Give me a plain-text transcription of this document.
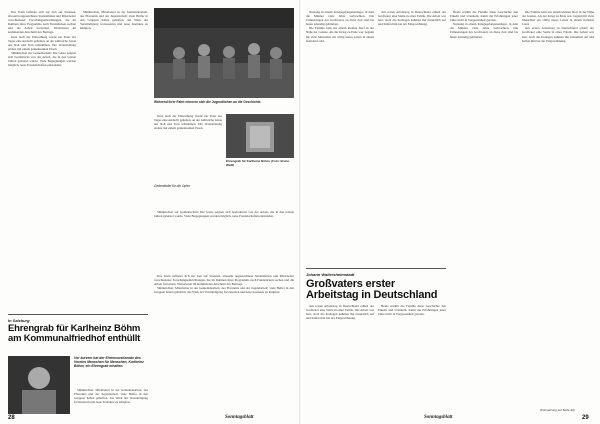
Das Team befindet sich zur Zeit auf Streusen, allesamt ungezeichnete Studentinnen und Mitarbeiter verschiedener Forschungseinrichtungen, die im Rahmen ihres Programms nach Fundstücken suchen und die Arbeit fortsetzen. Weiterlesen im kommenden Abschnitt des Beitrags.

Kurz nach der Einweihung wurde zur Feier des Tages eine Andacht gehalten, an der zahlreiche Gäste aus Nah und Fern teilnahmen. Die Veranstaltung endete mit einem gemeinsamen Essen.

Sühnkirchen zur Gemeinschaft: Die Gäste zeigten sich beeindruckt von der Arbeit, die in den letzten Jahren geleistet wurde. Viele Begegnungen wurden möglich, neue Freundschaften entstanden.

Sühnkirchen, Mitarbeiter in der Gemeindearbeit, des Pfarramts und der Jugendarbeit; viele Helfer in den Gruppen haben geholfen, das Werk der Verständigung fortzusetzen und neue Kontakte zu knüpfen.

Während ihrer Fahrt erinnern sich die Jugendlichen an die Geschichte.

Kurz nach der Einweihung wurde zur Feier des Tages eine Andacht gehalten, an der zahlreiche Gäste aus Nah und Fern teilnahmen. Die Veranstaltung endete mit einem gemeinsamen Essen.

Ehrengrab für Karlheinz Böhm. (Foto: Bruno Weiß)
Gedenktafel für die Opfer.

Sühnkirchen zur Gemeinschaft: Die Gäste zeigten sich beeindruckt von der Arbeit, die in den letzten Jahren geleistet wurde. Viele Begegnungen wurden möglich, neue Freundschaften entstanden.

In Salzburg
Ehrengrab für Karlheinz Böhm am Kommunalfriedhof enthüllt
Vor kurzem hat der Ehrenvorsitzende des Vereins Menschen für Menschen, Karlheinz Böhm, ein Ehrengrab erhalten.

Sühnkirchen, Mitarbeiter in der Gemeindearbeit, des Pfarramts und der Jugendarbeit; viele Helfer in den Gruppen haben geholfen, das Werk der Verständigung fortzusetzen und neue Kontakte zu knüpfen.

Das Team befindet sich zur Zeit auf Streusen, allesamt ungezeichnete Studentinnen und Mitarbeiter verschiedener Forschungseinrichtungen, die im Rahmen ihres Programms nach Fundstücken suchen und die Arbeit fortsetzen. Weiterlesen im kommenden Abschnitt des Beitrags.

Sühnkirchen, Mitarbeiter in der Gemeindearbeit, des Pfarramts und der Jugendarbeit; viele Helfer in den Gruppen haben geholfen, das Werk der Verständigung fortzusetzen und neue Kontakte zu knüpfen.

28	Sonntagsblatt

Nutzung in einem Kriegsgefangenenlager, in dem die Männer viele Jahre verbrachten. Die Erinnerungen des Großvaters an diese Zeit sind bis heute lebendig geblieben.

Die Familie kam aus einem kleinen Dorf in der Nähe der Grenze. Als der Krieg zu Ende war, begann für viele Menschen ein völlig neues Leben in einem fremden Land.

Am ersten Arbeitstag in Deutschland erhielt der Großvater eine Stelle in einer Fabrik. Die Arbeit war hart, doch die Kollegen nahmen ihn freundlich auf und halfen ihm bei der Eingewöhnung.

Heute erzählt die Familie diese Geschichte den Enkeln und Urenkeln, damit die Erfahrungen jener Jahre nicht in Vergessenheit geraten.

Nutzung in einem Kriegsgefangenenlager, in dem die Männer viele Jahre verbrachten. Die Erinnerungen des Großvaters an diese Zeit sind bis heute lebendig geblieben.

Die Familie kam aus einem kleinen Dorf in der Nähe der Grenze. Als der Krieg zu Ende war, begann für viele Menschen ein völlig neues Leben in einem fremden Land.

Am ersten Arbeitstag in Deutschland erhielt der Großvater eine Stelle in einer Fabrik. Die Arbeit war hart, doch die Kollegen nahmen ihn freundlich auf und halfen ihm bei der Eingewöhnung.

Johann Wallersheimstadt
Großvaters erster Arbeitstag in Deutschland

Am ersten Arbeitstag in Deutschland erhielt der Großvater eine Stelle in einer Fabrik. Die Arbeit war hart, doch die Kollegen nahmen ihn freundlich auf und halfen ihm bei der Eingewöhnung.

Heute erzählt die Familie diese Geschichte den Enkeln und Urenkeln, damit die Erfahrungen jener Jahre nicht in Vergessenheit geraten.

(Fortsetzung auf Seite 30)
Sonntagsblatt	29
